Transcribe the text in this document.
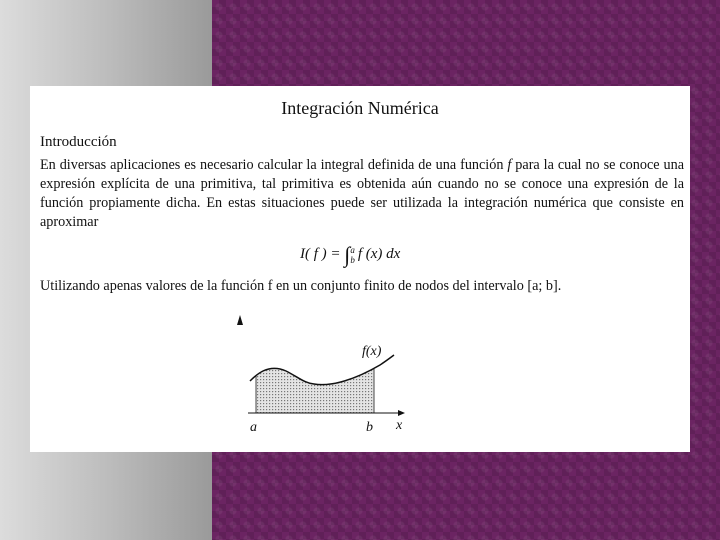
Integración Numérica
Introducción
En diversas aplicaciones es necesario calcular la integral definida de una función f para la cual no se conoce una expresión explícita de una primitiva, tal primitiva es obtenida aún cuando no se conoce una expresión de la función propiamente dicha. En estas situaciones puede ser utilizada la integración numérica que consiste en aproximar
I( f ) = ∫a
b f (x) dx
Utilizando apenas valores de la función f en un conjunto finito de nodos del intervalo [a; b].
f(x)
a	b x
